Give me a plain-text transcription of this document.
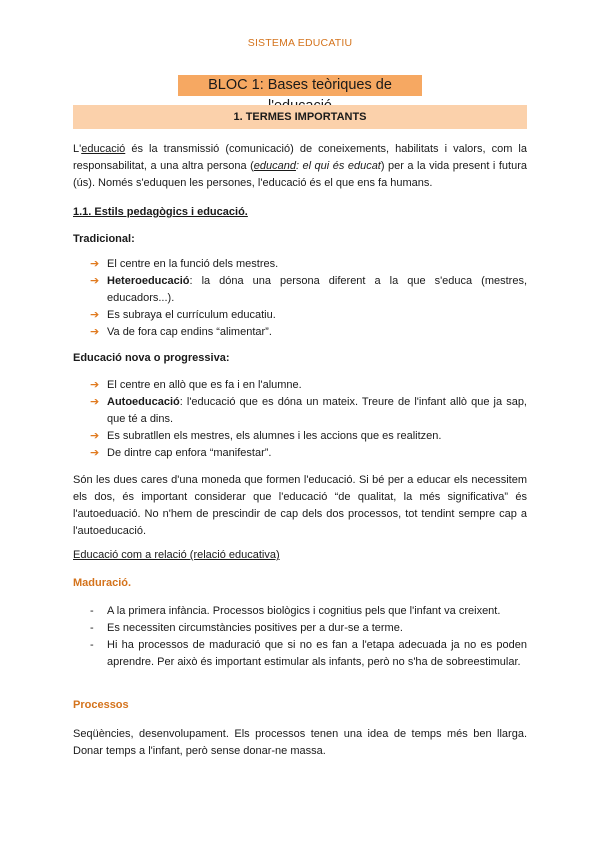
SISTEMA EDUCATIU
BLOC 1: Bases teòriques de
1. TERMES IMPORTANTS
L'educació és la transmissió (comunicació) de coneixements, habilitats i valors, com la responsabilitat, a una altra persona (educand: el qui és educat) per a la vida present i futura (ús). Només s'eduquen les persones, l'educació és el que ens fa humans.
1.1. Estils pedagògics i educació.
Tradicional:
➔ El centre en la funció dels mestres.
➔ Heteroeducació: la dóna una persona diferent a la que s'educa (mestres, educadors...).
➔ Es subraya el currículum educatiu.
➔ Va de fora cap endins “alimentar”.
Educació nova o progressiva:
➔ El centre en allò que es fa i en l'alumne.
➔ Autoeducació: l'educació que es dóna un mateix. Treure de l'infant allò que ja sap, que té a dins.
➔ Es subratllen els mestres, els alumnes i les accions que es realitzen.
➔ De dintre cap enfora “manifestar”.
Són les dues cares d'una moneda que formen l'educació. Si bé per a educar els necessitem els dos, és important considerar que l'educació “de qualitat, la més significativa” és l'autoeduació. No n'hem de prescindir de cap dels dos processos, tot tendint sempre cap a l'autoeducació.
Educació com a relació (relació educativa)
Maduració.
- A la primera infància. Processos biològics i cognitius pels que l'infant va creixent.
- Es necessiten circumstàncies positives per a dur-se a terme.
- Hi ha processos de maduració que si no es fan a l'etapa adecuada ja no es poden aprendre. Per això és important estimular als infants, però no s'ha de sobreestimular.
Processos
Seqüències, desenvolupament. Els processos tenen una idea de temps més ben llarga. Donar temps a l'infant, però sense donar-ne massa.
